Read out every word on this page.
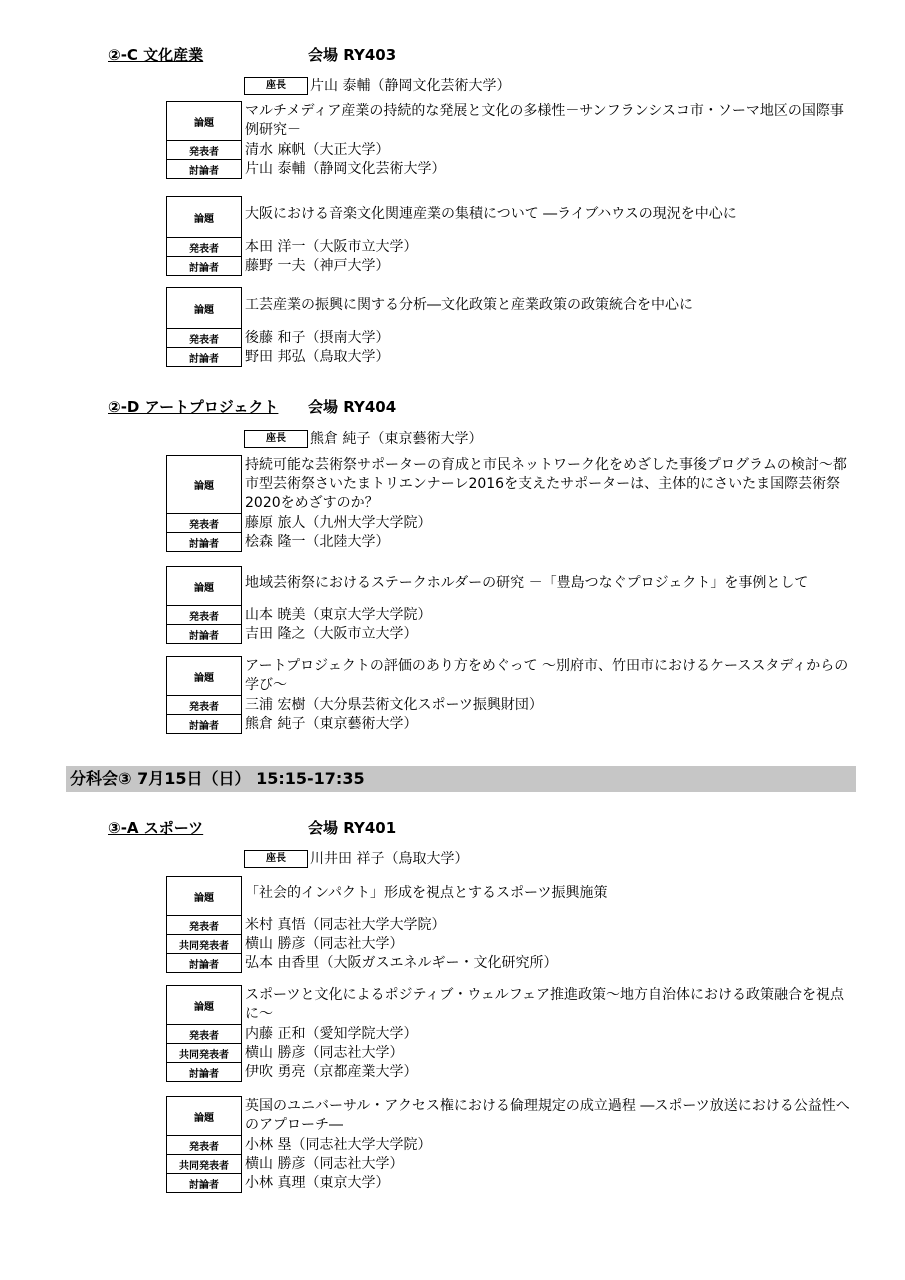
②-C 文化産業	会場 RY403
座長 片山 泰輔（静岡文化芸術大学）
論題
マルチメディア産業の持続的な発展と文化の多様性－サンフランシスコ市・ソーマ地区の国際事例研究－
発表者	清水 麻帆（大正大学）
討論者	片山 泰輔（静岡文化芸術大学）
論題	大阪における音楽文化関連産業の集積について ―ライブハウスの現況を中心に
発表者	本田 洋一（大阪市立大学）
討論者	藤野 一夫（神戸大学）
論題	工芸産業の振興に関する分析―文化政策と産業政策の政策統合を中心に
発表者	後藤 和子（摂南大学）
討論者	野田 邦弘（鳥取大学）
②-D アートプロジェクト 会場 RY404
座長 熊倉 純子（東京藝術大学）
論題
持続可能な芸術祭サポーターの育成と市民ネットワーク化をめざした事後プログラムの検討～都市型芸術祭さいたまトリエンナーレ2016を支えたサポーターは、主体的にさいたま国際芸術祭2020をめざすのか？
発表者	藤原 旅人（九州大学大学院）
討論者	桧森 隆一（北陸大学）
論題	地域芸術祭におけるステークホルダーの研究 －「豊島つなぐプロジェクト」を事例として
発表者	山本 暁美（東京大学大学院）
討論者	吉田 隆之（大阪市立大学）
論題
アートプロジェクトの評価のあり方をめぐって ～別府市、竹田市におけるケーススタディからの学び～
発表者	三浦 宏樹（大分県芸術文化スポーツ振興財団）
討論者	熊倉 純子（東京藝術大学）
分科会③ 7月15日（日） 15:15-17:35
③-A スポーツ	会場 RY401
座長 川井田 祥子（鳥取大学）
論題	「社会的インパクト」形成を視点とするスポーツ振興施策
発表者	米村 真悟（同志社大学大学院）
共同発表者	横山 勝彦（同志社大学）
討論者	弘本 由香里（大阪ガスエネルギー・文化研究所）
論題
スポーツと文化によるポジティブ・ウェルフェア推進政策～地方自治体における政策融合を視点に～
発表者	内藤 正和（愛知学院大学）
共同発表者	横山 勝彦（同志社大学）
討論者	伊吹 勇亮（京都産業大学）
論題
英国のユニバーサル・アクセス権における倫理規定の成立過程 ―スポーツ放送における公益性へのアプローチ―
発表者	小林 塁（同志社大学大学院）
共同発表者	横山 勝彦（同志社大学）
討論者	小林 真理（東京大学）
